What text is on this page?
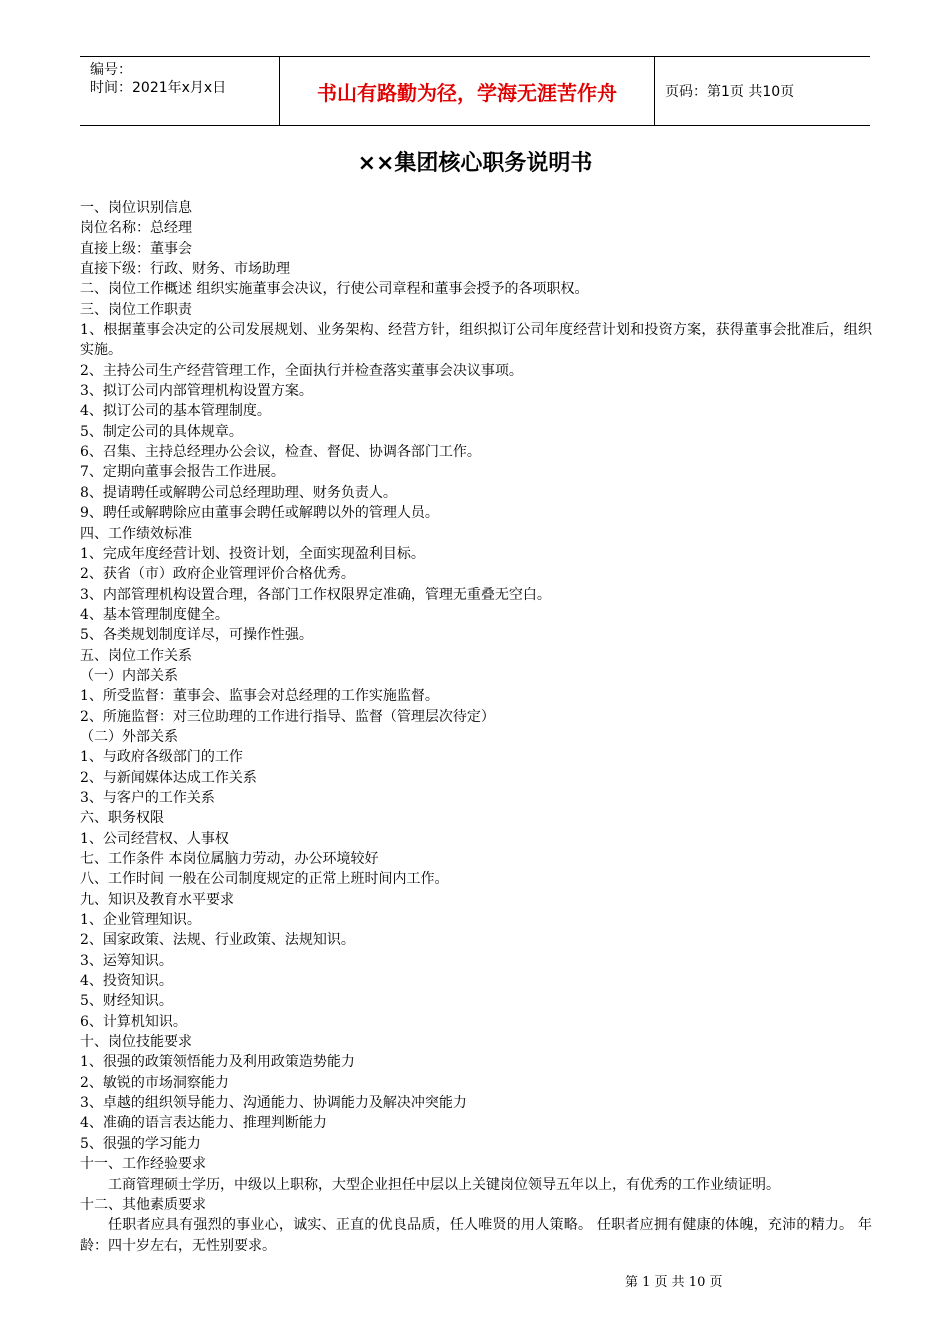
编号：
时间：2021年x月x日	书山有路勤为径，学海无涯苦作舟	页码：第1页 共10页
××集团核心职务说明书

一、岗位识别信息

岗位名称：总经理

直接上级：董事会

直接下级：行政、财务、市场助理

二、岗位工作概述 组织实施董事会决议，行使公司章程和董事会授予的各项职权。

三、岗位工作职责

1、根据董事会决定的公司发展规划、业务架构、经营方针，组织拟订公司年度经营计划和投资方案，获得董事会批准后，组织实施。

2、主持公司生产经营管理工作，全面执行并检查落实董事会决议事项。

3、拟订公司内部管理机构设置方案。

4、拟订公司的基本管理制度。

5、制定公司的具体规章。

6、召集、主持总经理办公会议，检查、督促、协调各部门工作。

7、定期向董事会报告工作进展。

8、提请聘任或解聘公司总经理助理、财务负责人。

9、聘任或解聘除应由董事会聘任或解聘以外的管理人员。

四、工作绩效标准

1、完成年度经营计划、投资计划，全面实现盈利目标。

2、获省（市）政府企业管理评价合格优秀。

3、内部管理机构设置合理，各部门工作权限界定准确，管理无重叠无空白。

4、基本管理制度健全。

5、各类规划制度详尽，可操作性强。

五、岗位工作关系

（一）内部关系

1、所受监督：董事会、监事会对总经理的工作实施监督。

2、所施监督：对三位助理的工作进行指导、监督（管理层次待定）

（二）外部关系

1、与政府各级部门的工作

2、与新闻媒体达成工作关系

3、与客户的工作关系

六、职务权限

1、公司经营权、人事权

七、工作条件 本岗位属脑力劳动，办公环境较好

八、工作时间 一般在公司制度规定的正常上班时间内工作。

九、知识及教育水平要求

1、企业管理知识。

2、国家政策、法规、行业政策、法规知识。

3、运筹知识。

4、投资知识。

5、财经知识。

6、计算机知识。

十、岗位技能要求

1、很强的政策领悟能力及利用政策造势能力

2、敏锐的市场洞察能力

3、卓越的组织领导能力、沟通能力、协调能力及解决冲突能力

4、准确的语言表达能力、推理判断能力

5、很强的学习能力

十一、工作经验要求

工商管理硕士学历，中级以上职称，大型企业担任中层以上关键岗位领导五年以上，有优秀的工作业绩证明。

十二、其他素质要求

任职者应具有强烈的事业心，诚实、正直的优良品质，任人唯贤的用人策略。 任职者应拥有健康的体魄，充沛的精力。 年龄：四十岁左右，无性别要求。

第 1 页 共 10 页
